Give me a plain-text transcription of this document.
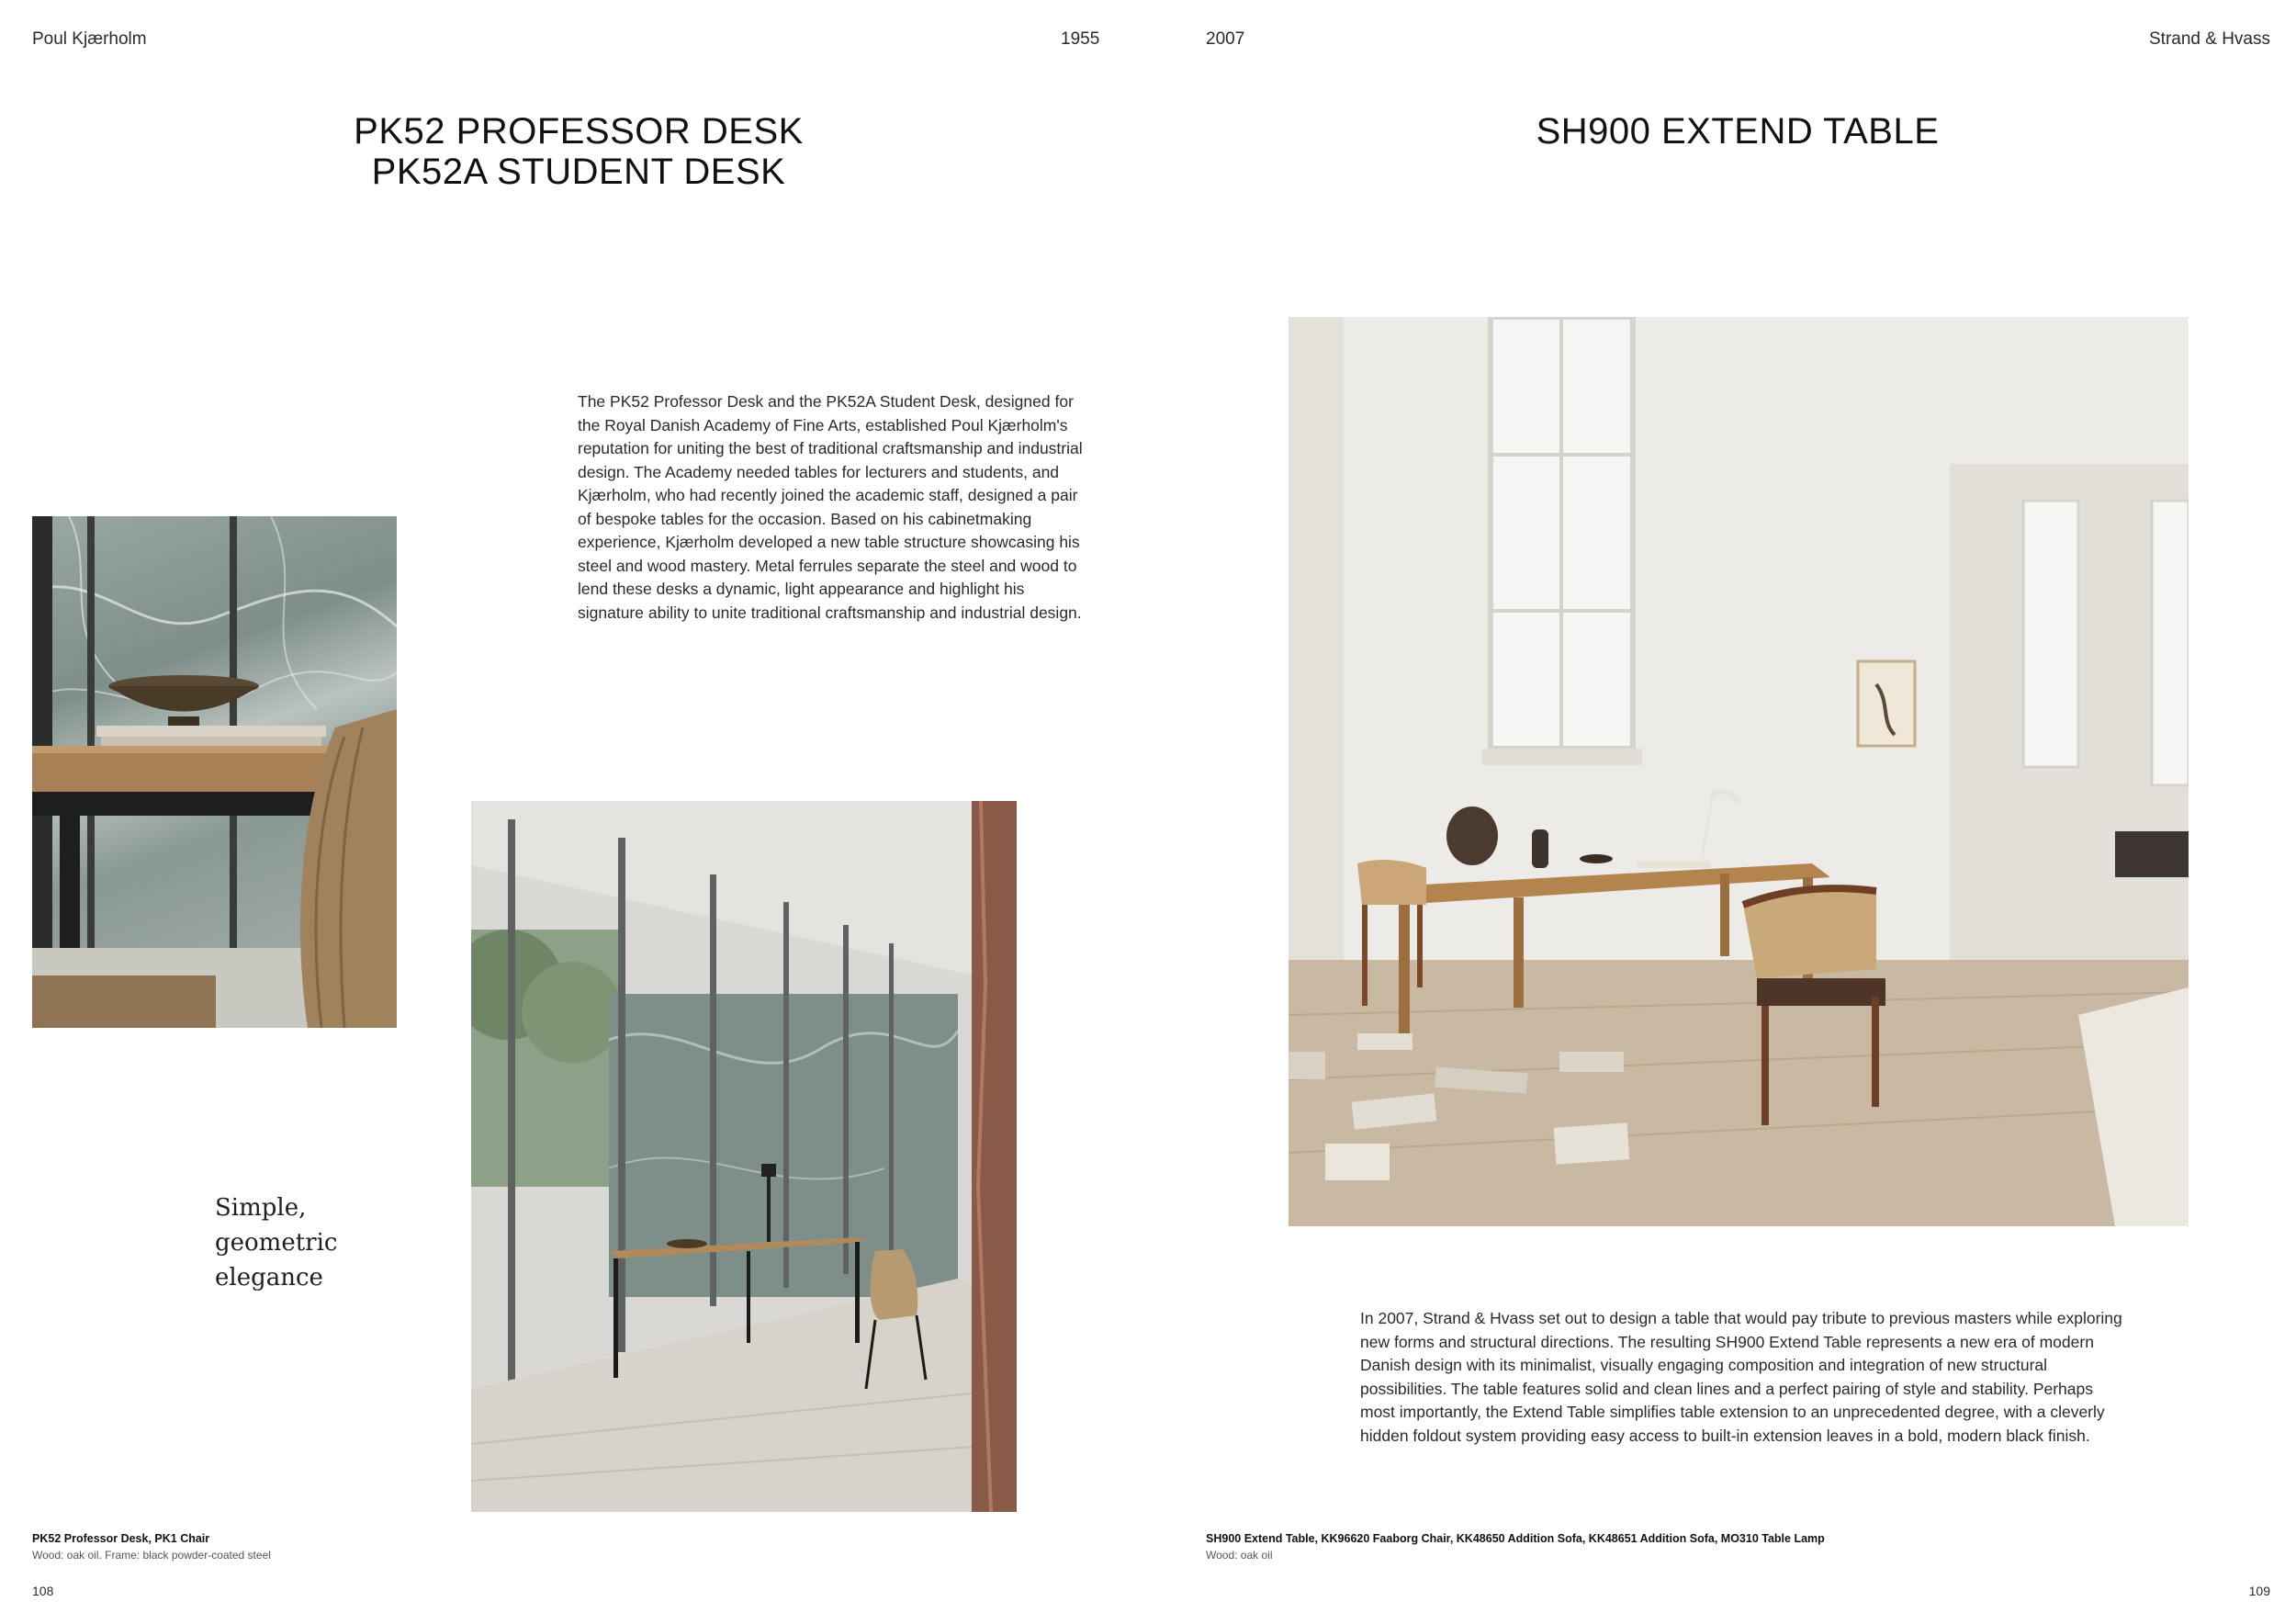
Poul Kjærholm	1955
PK52 PROFESSOR DESK
PK52A STUDENT DESK
The PK52 Professor Desk and the PK52A Student Desk, designed for the Royal Danish Academy of Fine Arts, established Poul Kjærholm's reputation for uniting the best of traditional craftsmanship and industrial design. The Academy needed tables for lecturers and students, and Kjærholm, who had recently joined the academic staff, designed a pair of bespoke tables for the occasion. Based on his cabinetmaking experience, Kjærholm developed a new table structure showcasing his steel and wood mastery. Metal ferrules separate the steel and wood to lend these desks a dynamic, light appearance and highlight his signature ability to unite traditional craftsmanship and industrial design.
Simple,
geometric
elegance
PK52 Professor Desk, PK1 Chair
Wood: oak oil. Frame: black powder-coated steel
108
2007	Strand & Hvass
SH900 EXTEND TABLE
In 2007, Strand & Hvass set out to design a table that would pay tribute to previous masters while exploring new forms and structural directions. The resulting SH900 Extend Table represents a new era of modern Danish design with its minimalist, visually engaging composition and integration of new structural possibilities. The table features solid and clean lines and a perfect pairing of style and stability. Perhaps most importantly, the Extend Table simplifies table extension to an unprecedented degree, with a cleverly hidden foldout system providing easy access to built-in extension leaves in a bold, modern black finish.
SH900 Extend Table, KK96620 Faaborg Chair, KK48650 Addition Sofa, KK48651 Addition Sofa, MO310 Table Lamp
Wood: oak oil
109
